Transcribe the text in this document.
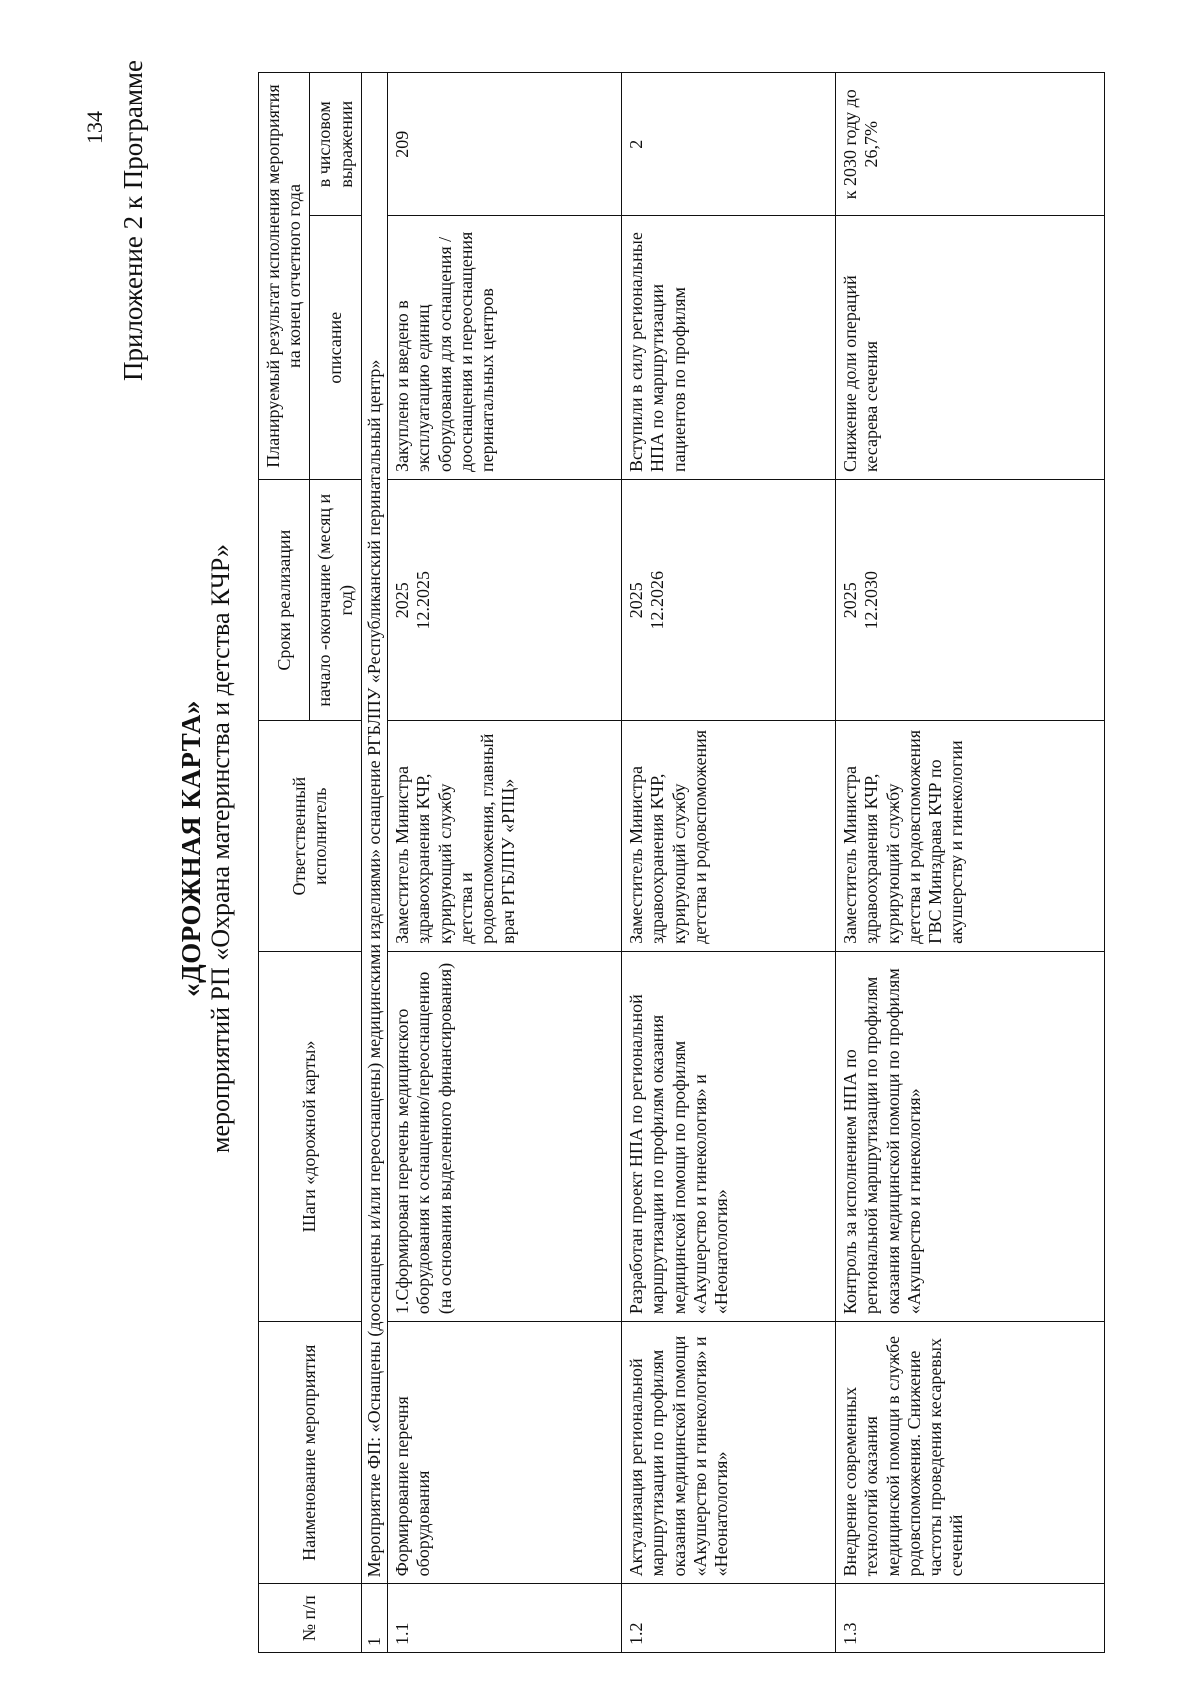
134 Приложение 2 к Программе
«ДОРОЖНАЯ КАРТА» мероприятий РП «Охрана материнства и детства КЧР»
№ п/п	Наименование мероприятия	Шаги «дорожной карты»	Ответственный исполнитель	Сроки реализации	Планируемый результат исполнения мероприятия на конец отчетного года	
				начало -окончание (месяц и год)	описание	в числовом выражении
1	Мероприятие ФП: «Оснащены (дооснащены и/или переоснащены) медицинскими изделиями» оснащение РГБЛПУ «Республиканский перинатальный центр»					
1.1	Формирование перечня оборудования	1.Сформирован перечень медицинского оборудования к оснащению/переоснащению (на основании выделенного финансирования)	Заместитель Министра здравоохранения КЧР, курирующий службу детства и родовспоможения, главный врач РГБЛПУ «РПЦ»	2025 12.2025	Закуплено и введено в эксплуатацию единиц оборудования для оснащения /дооснащения и переоснащения перинатальных центров	209
1.2	Актуализация региональной маршрутизации по профилям оказания медицинской помощи «Акушерство и гинекология» и «Неонатология»	Разработан проект НПА по региональной маршрутизации по профилям оказания медицинской помощи по профилям «Акушерство и гинекология» и «Неонатология»	Заместитель Министра здравоохранения КЧР, курирующий службу детства и родовспоможения	2025 12.2026	Вступили в силу региональные НПА по маршрутизации пациентов по профилям	2
1.3	Внедрение современных технологий оказания медицинской помощи в службе родовспоможения. Снижение частоты проведения кесаревых сечений	Контроль за исполнением НПА по региональной маршрутизации по профилям оказания медицинской помощи по профилям «Акушерство и гинекология»	Заместитель Министра здравоохранения КЧР, курирующий службу детства и родовспоможения ГВС Минздрава КЧР по акушерству и гинекологии	2025 12.2030	Снижение доли операций кесарева сечения	к 2030 году до 26,7%
